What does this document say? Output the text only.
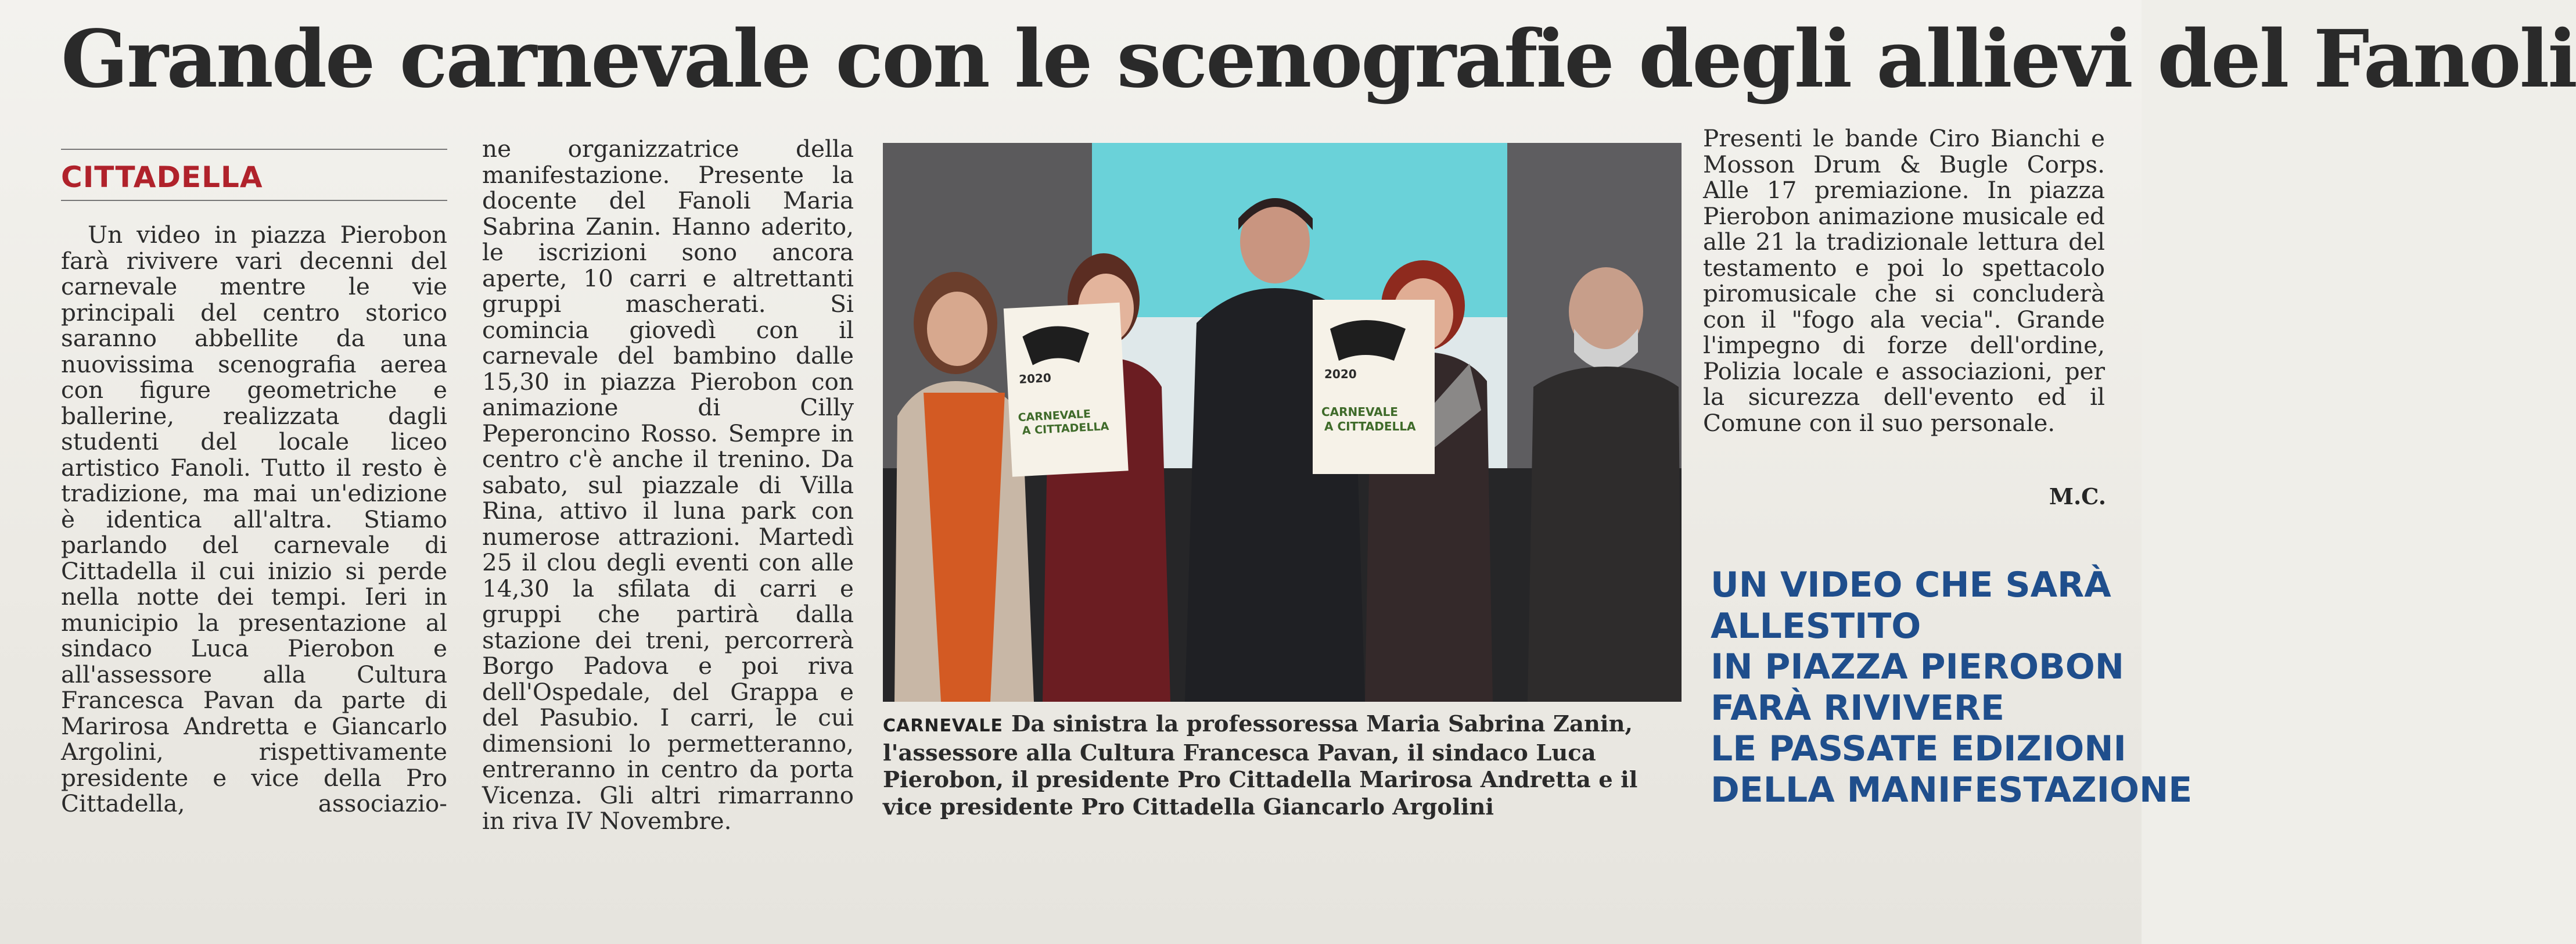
Grande carnevale con le scenografie degli allievi del Fanoli
CITTADELLA

Un video in piazza Pierobon farà rivivere vari decenni del carnevale mentre le vie principali del centro storico saranno abbellite da una nuovissima scenografia aerea con figure geometriche e ballerine, realizzata dagli studenti del locale liceo artistico Fanoli. Tutto il resto è tradizione, ma mai un'edizione è identica all'altra. Stiamo parlando del carnevale di Cittadella il cui inizio si perde nella notte dei tempi. Ieri in municipio la presentazione al sindaco Luca Pierobon e all'assessore alla Cultura Francesca Pavan da parte di Marirosa Andretta e Giancarlo Argolini, rispettivamente presidente e vice della Pro Cittadella, associazio-

ne organizzatrice della manifestazione. Presente la docente del Fanoli Maria Sabrina Zanin. Hanno aderito, le iscrizioni sono ancora aperte, 10 carri e altrettanti gruppi mascherati. Si comincia giovedì con il carnevale del bambino dalle 15,30 in piazza Pierobon con animazione di Cilly Peperoncino Rosso. Sempre in centro c'è anche il trenino. Da sabato, sul piazzale di Villa Rina, attivo il luna park con numerose attrazioni. Martedì 25 il clou degli eventi con alle 14,30 la sfilata di carri e gruppi che partirà dalla stazione dei treni, percorrerà Borgo Padova e poi riva dell'Ospedale, del Grappa e del Pasubio. I carri, le cui dimensioni lo permetteranno, entreranno in centro da porta Vicenza. Gli altri rimarranno in riva IV Novembre.

2020
CARNEVALE
A CITTADELLA
2020
CARNEVALE
A CITTADELLA
CARNEVALE Da sinistra la professoressa Maria Sabrina Zanin, l'assessore alla Cultura Francesca Pavan, il sindaco Luca Pierobon, il presidente Pro Cittadella Marirosa Andretta e il vice presidente Pro Cittadella Giancarlo Argolini

Presenti le bande Ciro Bianchi e Mosson Drum & Bugle Corps. Alle 17 premiazione. In piazza Pierobon animazione musicale ed alle 21 la tradizionale lettura del testamento e poi lo spettacolo piromusicale che si concluderà con il "fogo ala vecia". Grande l'impegno di forze dell'ordine, Polizia locale e associazioni, per la sicurezza dell'evento ed il Comune con il suo personale.

M.C.
UN VIDEO CHE SARÀ
ALLESTITO
IN PIAZZA PIEROBON
FARÀ RIVIVERE
LE PASSATE EDIZIONI
DELLA MANIFESTAZIONE
